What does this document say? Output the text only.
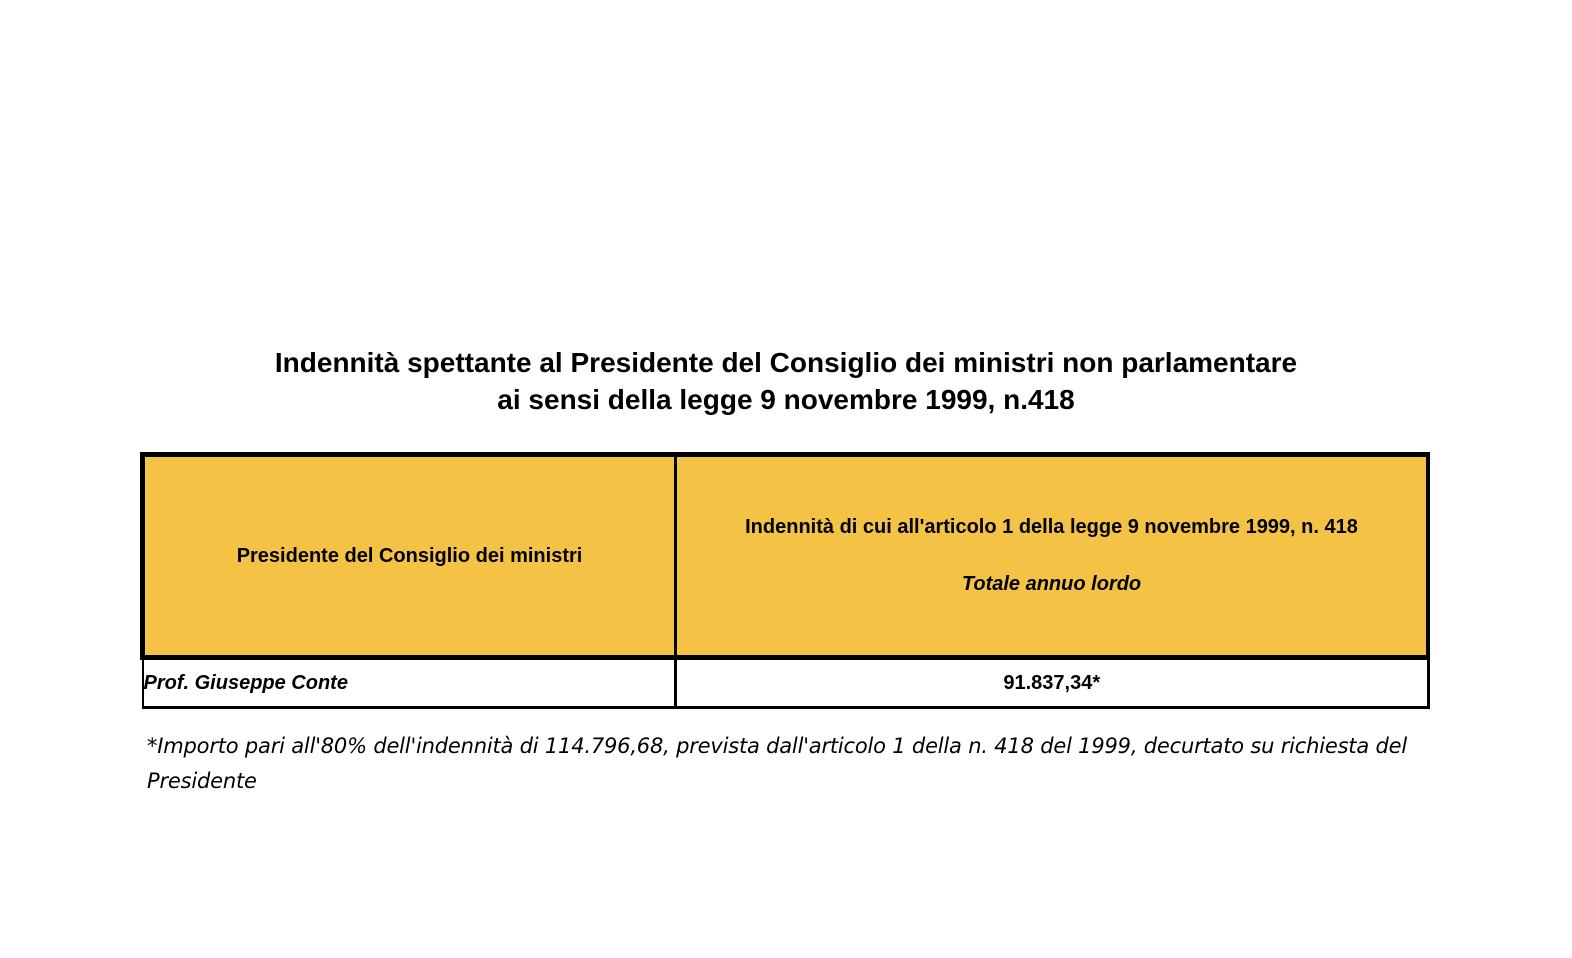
Indennità spettante al Presidente del Consiglio dei ministri non parlamentare
ai sensi della legge 9 novembre 1999, n.418
Presidente del Consiglio dei ministri	Indennità di cui all'articolo 1 della legge 9 novembre 1999, n. 418
Totale annuo lordo

Prof. Giuseppe Conte	91.837,34*

*Importo pari all'80% dell'indennità di 114.796,68, prevista dall'articolo 1 della n. 418 del 1999, decurtato su richiesta del Presidente
